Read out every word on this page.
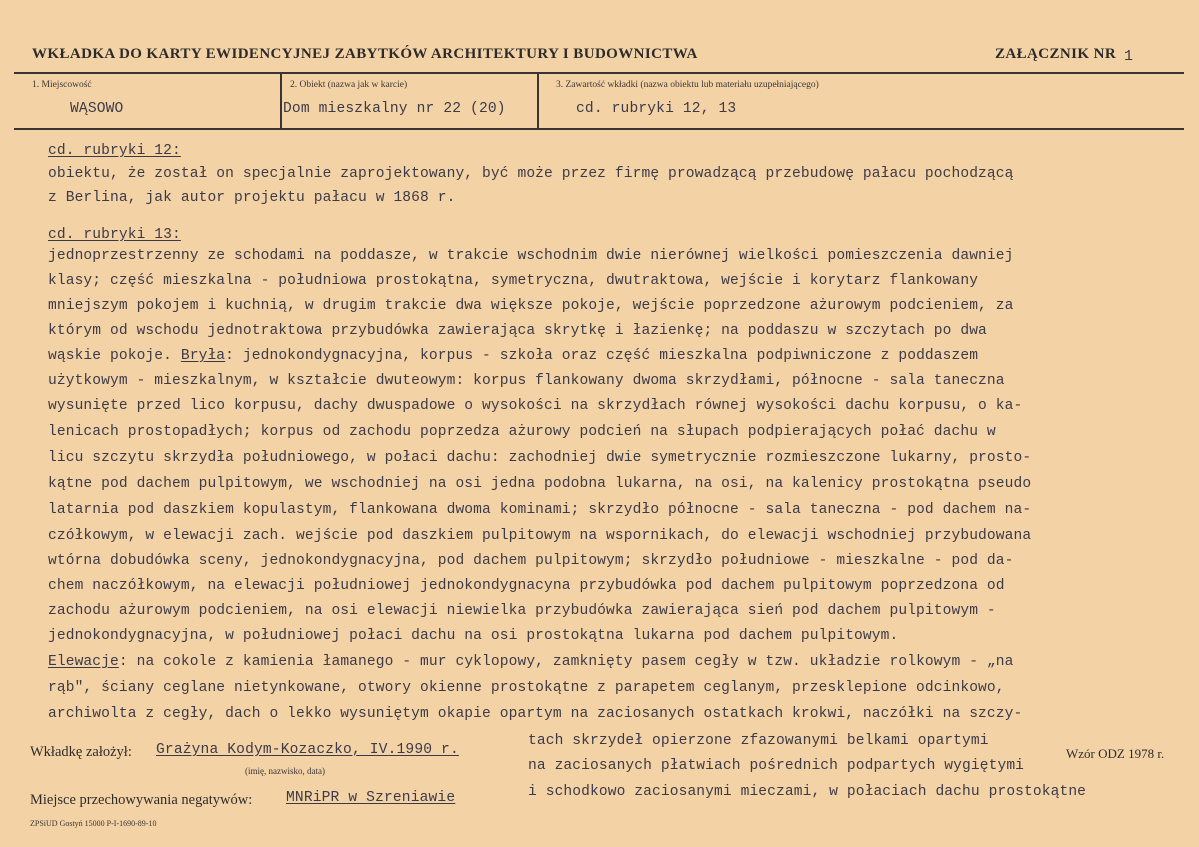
WKŁADKA DO KARTY EWIDENCYJNEJ ZABYTKÓW ARCHITEKTURY I BUDOWNICTWA	ZAŁĄCZNIK NR 1
1. Miejscowość
WĄSOWO
2. Obiekt (nazwa jak w karcie)
Dom mieszkalny nr 22 (20)
3. Zawartość wkładki (nazwa obiektu lub materiału uzupełniającego)
cd. rubryki 12, 13
cd. rubryki 12:
obiektu, że został on specjalnie zaprojektowany, być może przez firmę prowadzącą przebudowę pałacu pochodzącą
z Berlina, jak autor projektu pałacu w 1868 r.
cd. rubryki 13:
jednoprzestrzenny ze schodami na poddasze, w trakcie wschodnim dwie nierównej wielkości pomieszczenia dawniej
klasy; część mieszkalna - południowa prostokątna, symetryczna, dwutraktowa, wejście i korytarz flankowany
mniejszym pokojem i kuchnią, w drugim trakcie dwa większe pokoje, wejście poprzedzone ażurowym podcieniem, za
którym od wschodu jednotraktowa przybudówka zawierająca skrytkę i łazienkę; na poddaszu w szczytach po dwa
wąskie pokoje. Bryła: jednokondygnacyjna, korpus - szkoła oraz część mieszkalna podpiwniczone z poddaszem
użytkowym - mieszkalnym, w kształcie dwuteowym: korpus flankowany dwoma skrzydłami, północne - sala taneczna
wysunięte przed lico korpusu, dachy dwuspadowe o wysokości na skrzydłach równej wysokości dachu korpusu, o ka-
lenicach prostopadłych; korpus od zachodu poprzedza ażurowy podcień na słupach podpierających połać dachu w
licu szczytu skrzydła południowego, w połaci dachu: zachodniej dwie symetrycznie rozmieszczone lukarny, prosto-
kątne pod dachem pulpitowym, we wschodniej na osi jedna podobna lukarna, na osi, na kalenicy prostokątna pseudo
latarnia pod daszkiem kopulastym, flankowana dwoma kominami; skrzydło północne - sala taneczna - pod dachem na-
czółkowym, w elewacji zach. wejście pod daszkiem pulpitowym na wspornikach, do elewacji wschodniej przybudowana
wtórna dobudówka sceny, jednokondygnacyjna, pod dachem pulpitowym; skrzydło południowe - mieszkalne - pod da-
chem naczółkowym, na elewacji południowej jednokondygnacyna przybudówka pod dachem pulpitowym poprzedzona od
zachodu ażurowym podcieniem, na osi elewacji niewielka przybudówka zawierająca sień pod dachem pulpitowym -
jednokondygnacyjna, w południowej połaci dachu na osi prostokątna lukarna pod dachem pulpitowym.
Elewacje: na cokole z kamienia łamanego - mur cyklopowy, zamknięty pasem cegły w tzw. układzie rolkowym - „na
rąb", ściany ceglane nietynkowane, otwory okienne prostokątne z parapetem ceglanym, przesklepione odcinkowo,
archiwolta z cegły, dach o lekko wysuniętym okapie opartym na zaciosanych ostatkach krokwi, naczółki na szczy-
tach skrzydeł opierzone zfazowanymi belkami opartymi
na zaciosanych płatwiach pośrednich podpartych wygiętymi
i schodkowo zaciosanymi mieczami, w połaciach dachu prostokątne
Wkładkę założył: Grażyna Kodym-Kozaczko, IV.1990 r.
(imię, nazwisko, data)
Miejsce przechowywania negatywów: MNRiPR w Szreniawie
Wzór ODZ 1978 r.
ZPSiUD Gostyń 15000 P-I-1690-89-10
